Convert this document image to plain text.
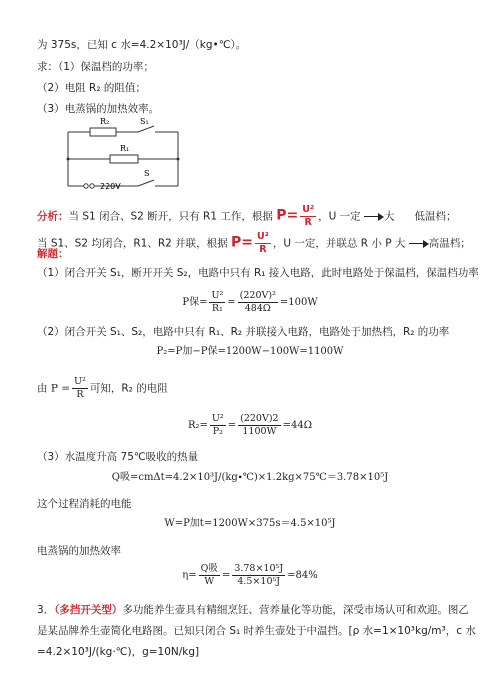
为 375s，已知 c 水=4.2×10³J/（kg•℃）。
求：（1）保温档的功率；
（2）电阻 R₂ 的阻值；
（3）电蒸锅的加热效率。
R₂	S₁
R₁
220V
S
分析：当 S1 闭合、S2 断开，只有 R1 工作，根据 $P= \frac{\text{U²}}{R}$ ，U 一定 大 低温档；
当 S1、S2 均闭合，R1、R2 并联，根据 $P= \frac{\text{U²}}{R}$ ，U 一定，并联总 R 小 P 大 高温档；
解题：
（1）闭合开关 S₁，断开开关 S₂，电路中只有 R₁ 接入电路，此时电路处于保温档，保温档功率
P保= $\frac{\text{U²}}{\text{R₁}} = \frac{\text{(220V)²}}{484\Omega} =100W$
（2）闭合开关 S₁、S₂，电路中只有 R₁、R₂ 并联接入电路，电路处于加热档，R₂ 的功率
P₂=P加−P保=1200W−100W=1100W
由 $P = \frac{\text{U²}}{R}$ 可知，R₂ 的电阻
$R_2= \frac{\text{U²}}{\text{P₂}} = \frac{(220V)2}{1100W} =44\Omega$
（3）水温度升高 75℃吸收的热量
Q吸=cmΔt=4.2×10³J/(kg∙℃)×1.2kg×75℃＝3.78×10⁵J
这个过程消耗的电能
W=P加t=1200W×375s＝4.5×10⁵J
电蒸锅的加热效率
$\eta= \frac{\text{Q吸}}{W} = \frac{\text{3.78×10⁵J}}{\text{4.5×10⁵J}} =84\%$
3．（多挡开关型）多功能养生壶具有精细烹饪、营养量化等功能，深受市场认可和欢迎。图乙
是某品牌养生壶简化电路图。已知只闭合 S₁ 时养生壶处于中温挡。[ρ 水=1×10³kg/m³，c 水
=4.2×10³J/(kg·℃)，g=10N/kg]
